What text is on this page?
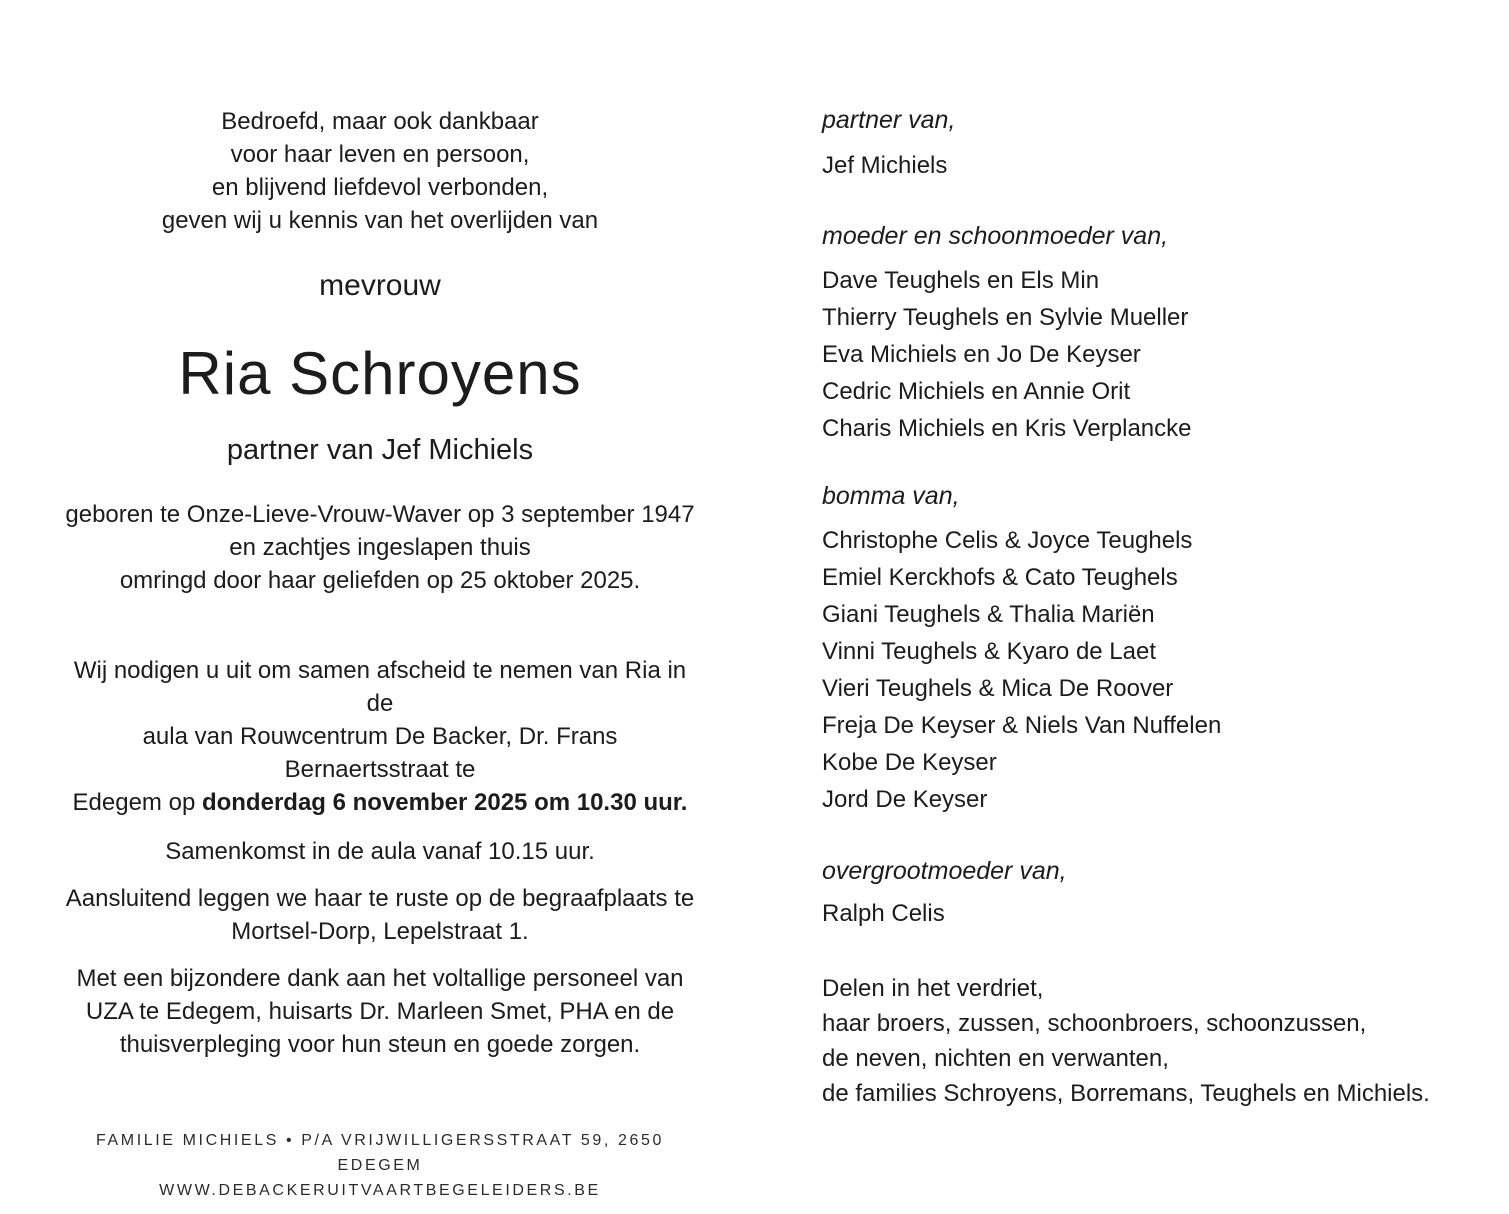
Bedroefd, maar ook dankbaar

voor haar leven en persoon,

en blijvend liefdevol verbonden,

geven wij u kennis van het overlijden van

mevrouw

Ria Schroyens

partner van Jef Michiels

geboren te Onze-Lieve-Vrouw-Waver op 3 september 1947

en zachtjes ingeslapen thuis

omringd door haar geliefden op 25 oktober 2025.

Wij nodigen u uit om samen afscheid te nemen van Ria in de

aula van Rouwcentrum De Backer, Dr. Frans Bernaertsstraat te

Edegem op donderdag 6 november 2025 om 10.30 uur.

Samenkomst in de aula vanaf 10.15 uur.

Aansluitend leggen we haar te ruste op de begraafplaats te

Mortsel-Dorp, Lepelstraat 1.

Met een bijzondere dank aan het voltallige personeel van

UZA te Edegem, huisarts Dr. Marleen Smet, PHA en de

thuisverpleging voor hun steun en goede zorgen.

FAMILIE MICHIELS • P/A VRIJWILLIGERSSTRAAT 59, 2650 EDEGEM

WWW.DEBACKERUITVAARTBEGELEIDERS.BE

partner van,

Jef Michiels

moeder en schoonmoeder van,

Dave Teughels en Els Min

Thierry Teughels en Sylvie Mueller

Eva Michiels en Jo De Keyser

Cedric Michiels en Annie Orit

Charis Michiels en Kris Verplancke

bomma van,

Christophe Celis & Joyce Teughels

Emiel Kerckhofs & Cato Teughels

Giani Teughels & Thalia Mariën

Vinni Teughels & Kyaro de Laet

Vieri Teughels & Mica De Roover

Freja De Keyser & Niels Van Nuffelen

Kobe De Keyser

Jord De Keyser

overgrootmoeder van,

Ralph Celis

Delen in het verdriet,

haar broers, zussen, schoonbroers, schoonzussen,

de neven, nichten en verwanten,

de families Schroyens, Borremans, Teughels en Michiels.
